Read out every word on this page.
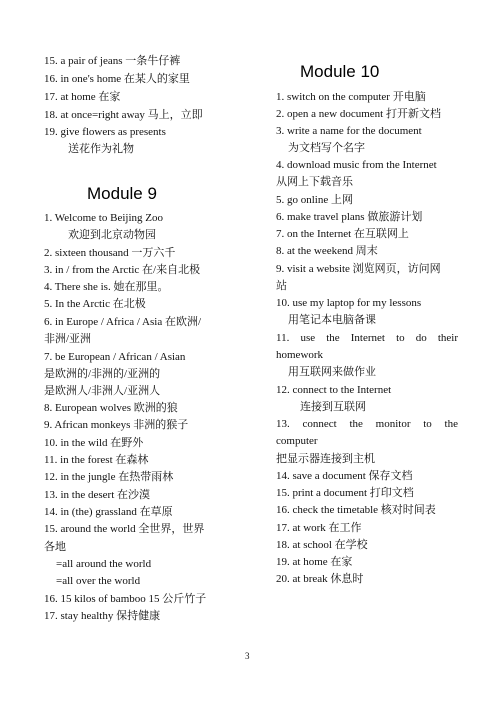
15. a pair of jeans 一条牛仔裤
16. in one's home 在某人的家里
17. at home 在家
18. at once=right away 马上，立即
19. give flowers as presents
送花作为礼物
Module 9
1. Welcome to Beijing Zoo
欢迎到北京动物园
2. sixteen thousand 一万六千
3. in / from the Arctic 在/来自北极
4. There she is. 她在那里。
5. In the Arctic 在北极
6. in Europe / Africa / Asia 在欧洲/
非洲/亚洲
7. be European / African / Asian
是欧洲的/非洲的/亚洲的
是欧洲人/非洲人/亚洲人
8. European wolves 欧洲的狼
9. African monkeys 非洲的猴子
10. in the wild 在野外
11. in the forest 在森林
12. in the jungle 在热带雨林
13. in the desert 在沙漠
14. in (the) grassland 在草原
15. around the world 全世界，世界
各地
=all around the world
=all over the world
16. 15 kilos of bamboo 15 公斤竹子
17. stay healthy 保持健康
Module 10
1. switch on the computer 开电脑
2. open a new document 打开新文档
3. write a name for the document
为文档写个名字
4. download music from the Internet
从网上下载音乐
5. go online 上网
6. make travel plans 做旅游计划
7. on the Internet 在互联网上
8. at the weekend 周末
9. visit a website 浏览网页，访问网
站
10. use my laptop for my lessons
用笔记本电脑备课
11. use the Internet to do their
homework
用互联网来做作业
12. connect to the Internet
连接到互联网
13. connect the monitor to the
computer
把显示器连接到主机
14. save a document 保存文档
15. print a document 打印文档
16. check the timetable 核对时间表
17. at work 在工作
18. at school 在学校
19. at home 在家
20. at break 休息时
3
